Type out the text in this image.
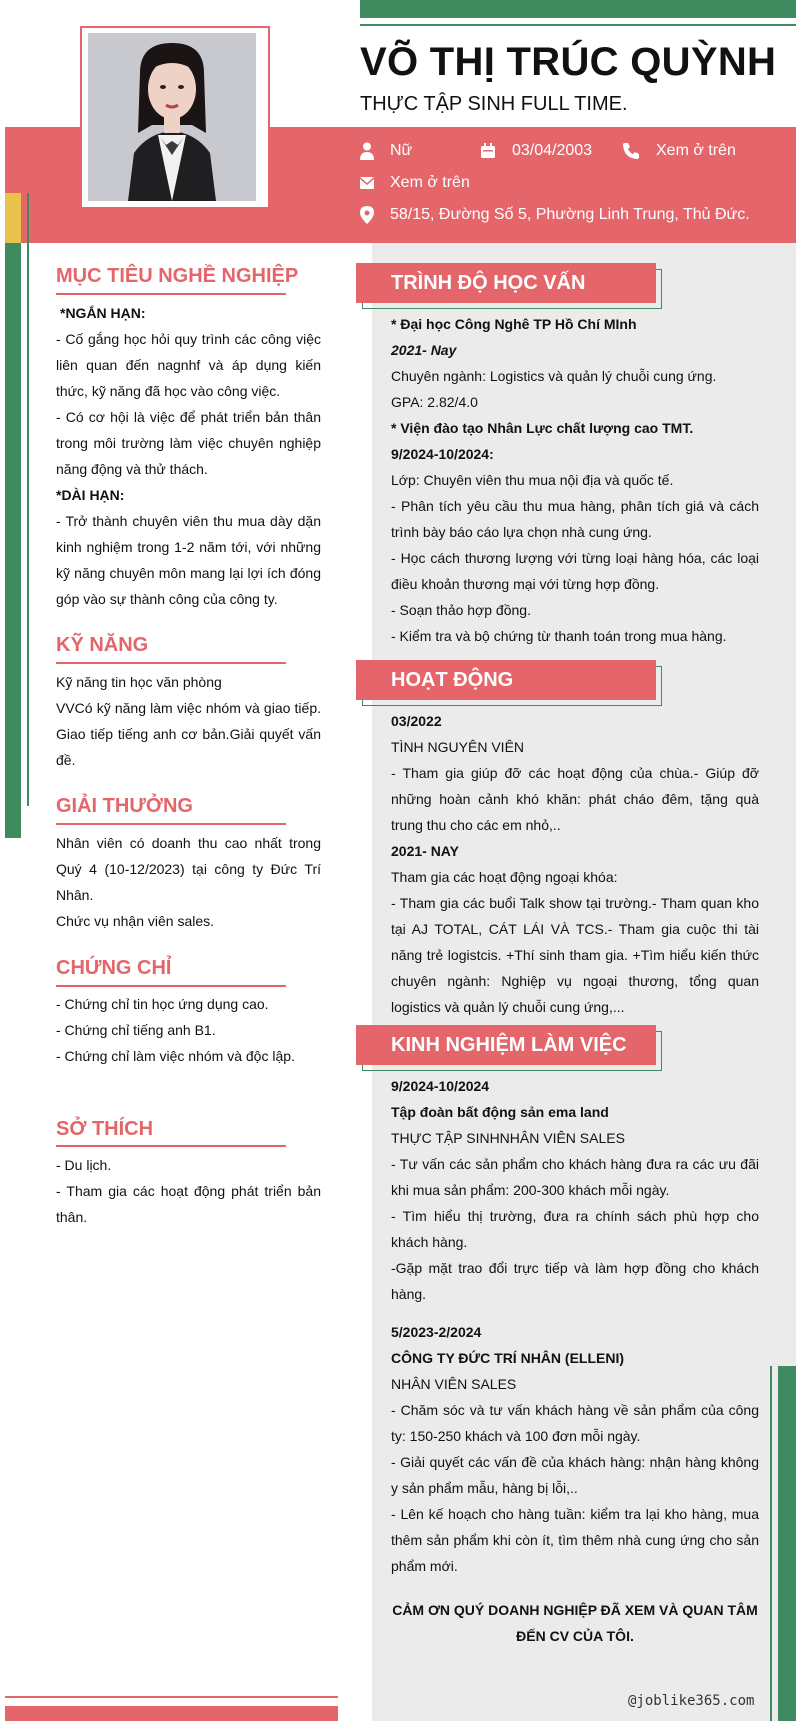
VÕ THỊ TRÚC QUỲNH
THỰC TẬP SINH FULL TIME.
Nữ	03/04/2003	Xem ở trên
Xem ở trên
58/15, Đường Số 5, Phường Linh Trung, Thủ Đức.
MỤC TIÊU NGHỀ NGHIỆP
*NGẮN HẠN:
- Cố gắng học hỏi quy trình các công việc liên quan đến nagnhf và áp dụng kiến thức, kỹ năng đã học vào công việc.
- Có cơ hội là việc để phát triển bản thân trong môi trường làm việc chuyên nghiệp năng động và thử thách.
*DÀI HẠN:
- Trở thành chuyên viên thu mua dày dặn kinh nghiệm trong 1-2 năm tới, với những kỹ năng chuyên môn mang lại lợi ích đóng góp vào sự thành công của công ty.
KỸ NĂNG
Kỹ năng tin học văn phòng
VVCó kỹ năng làm việc nhóm và giao tiếp. Giao tiếp tiếng anh cơ bản.Giải quyết vấn đề.
GIẢI THƯỞNG
Nhân viên có doanh thu cao nhất trong Quý 4 (10-12/2023) tại công ty Đức Trí Nhân.
Chức vụ nhận viên sales.
CHỨNG CHỈ
- Chứng chỉ tin học ứng dụng cao.
- Chứng chỉ tiếng anh B1.
- Chứng chỉ làm việc nhóm và độc lập.
SỞ THÍCH
- Du lịch.
- Tham gia các hoạt động phát triển bản thân.
TRÌNH ĐỘ HỌC VẤN
* Đại học Công Nghê TP Hồ Chí MInh
2021- Nay
Chuyên ngành: Logistics và quản lý chuỗi cung ứng.
GPA: 2.82/4.0
* Viện đào tạo Nhân Lực chất lượng cao TMT.
9/2024-10/2024:
Lớp: Chuyên viên thu mua nội địa và quốc tế.
- Phân tích yêu cầu thu mua hàng, phân tích giá và cách trình bày báo cáo lựa chọn nhà cung ứng.
- Học cách thương lượng với từng loại hàng hóa, các loại điều khoản thương mại với từng hợp đồng.
- Soạn thảo hợp đồng.
- Kiểm tra và bộ chứng từ thanh toán trong mua hàng.
HOẠT ĐỘNG
03/2022
TÌNH NGUYÊN VIÊN
- Tham gia giúp đỡ các hoạt động của chùa.- Giúp đỡ những hoàn cảnh khó khăn: phát cháo đêm, tặng quà trung thu cho các em nhỏ,..
2021- NAY
Tham gia các hoạt động ngoại khóa:
- Tham gia các buổi Talk show tại trường.- Tham quan kho tại AJ TOTAL, CÁT LÁI VÀ TCS.- Tham gia cuộc thi tài năng trẻ logistcis. +Thí sinh tham gia. +Tìm hiểu kiến thức chuyên ngành: Nghiệp vụ ngoại thương, tổng quan logistics và quản lý chuỗi cung ứng,...
KINH NGHIỆM LÀM VIỆC
9/2024-10/2024
Tập đoàn bất động sản ema land
THỰC TẬP SINHNHÂN VIÊN SALES
- Tư vấn các sản phẩm cho khách hàng đưa ra các ưu đãi khi mua sản phẩm: 200-300 khách mỗi ngày.
- Tìm hiểu thị trường, đưa ra chính sách phù hợp cho khách hàng.
-Gặp mặt trao đổi trực tiếp và làm hợp đồng cho khách hàng.
5/2023-2/2024
CÔNG TY ĐỨC TRÍ NHÂN (ELLENI)
NHÂN VIÊN SALES
- Chăm sóc và tư vấn khách hàng về sản phẩm của công ty: 150-250 khách và 100 đơn mỗi ngày.
- Giải quyết các vấn đề của khách hàng: nhận hàng không y sản phẩm mẫu, hàng bị lỗi,..
- Lên kế hoạch cho hàng tuần: kiểm tra lại kho hàng, mua thêm sản phẩm khi còn ít, tìm thêm nhà cung ứng cho sản phẩm mới.
CẢM ƠN QUÝ DOANH NGHIỆP ĐÃ XEM VÀ QUAN TÂM
ĐẾN CV CỦA TÔI.
@joblike365.com
